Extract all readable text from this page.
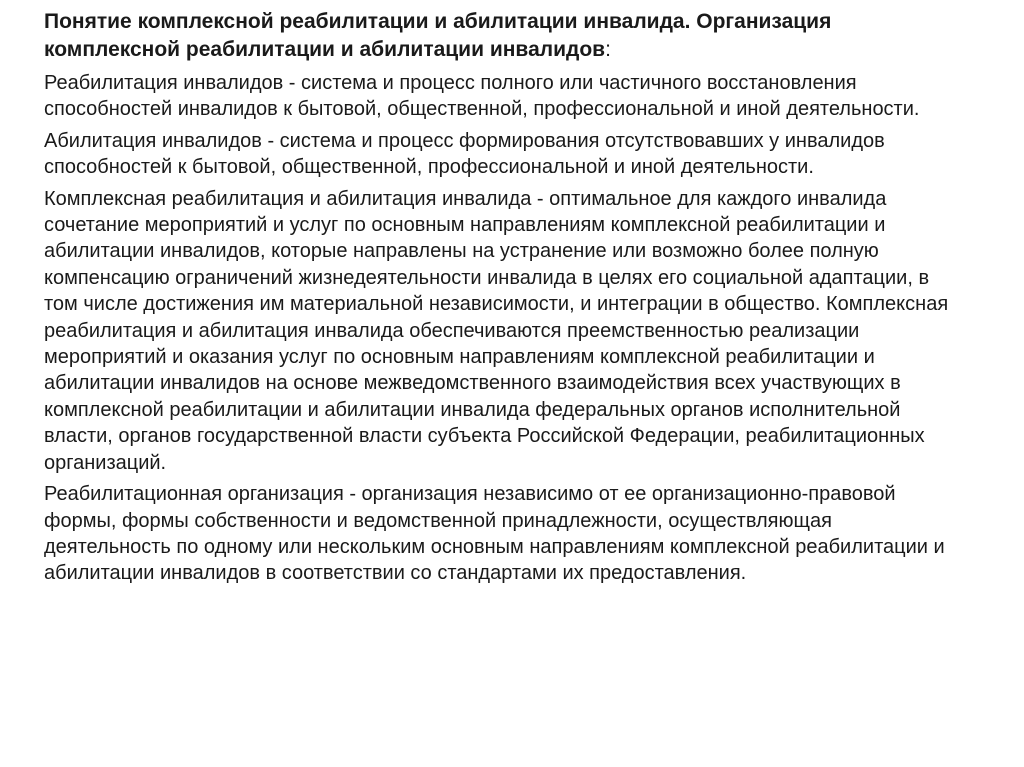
Понятие комплексной реабилитации и абилитации инвалида. Организация комплексной реабилитации и абилитации инвалидов:

Реабилитация инвалидов - система и процесс полного или частичного восстановления способностей инвалидов к бытовой, общественной, профессиональной и иной деятельности.

Абилитация инвалидов - система и процесс формирования отсутствовавших у инвалидов способностей к бытовой, общественной, профессиональной и иной деятельности.

Комплексная реабилитация и абилитация инвалида - оптимальное для каждого инвалида сочетание мероприятий и услуг по основным направлениям комплексной реабилитации и абилитации инвалидов, которые направлены на устранение или возможно более полную компенсацию ограничений жизнедеятельности инвалида в целях его социальной адаптации, в том числе достижения им материальной независимости, и интеграции в общество. Комплексная реабилитация и абилитация инвалида обеспечиваются преемственностью реализации мероприятий и оказания услуг по основным направлениям комплексной реабилитации и абилитации инвалидов на основе межведомственного взаимодействия всех участвующих в комплексной реабилитации и абилитации инвалида федеральных органов исполнительной власти, органов государственной власти субъекта Российской Федерации, реабилитационных организаций.

Реабилитационная организация - организация независимо от ее организационно-правовой формы, формы собственности и ведомственной принадлежности, осуществляющая деятельность по одному или нескольким основным направлениям комплексной реабилитации и абилитации инвалидов в соответствии со стандартами их предоставления.
